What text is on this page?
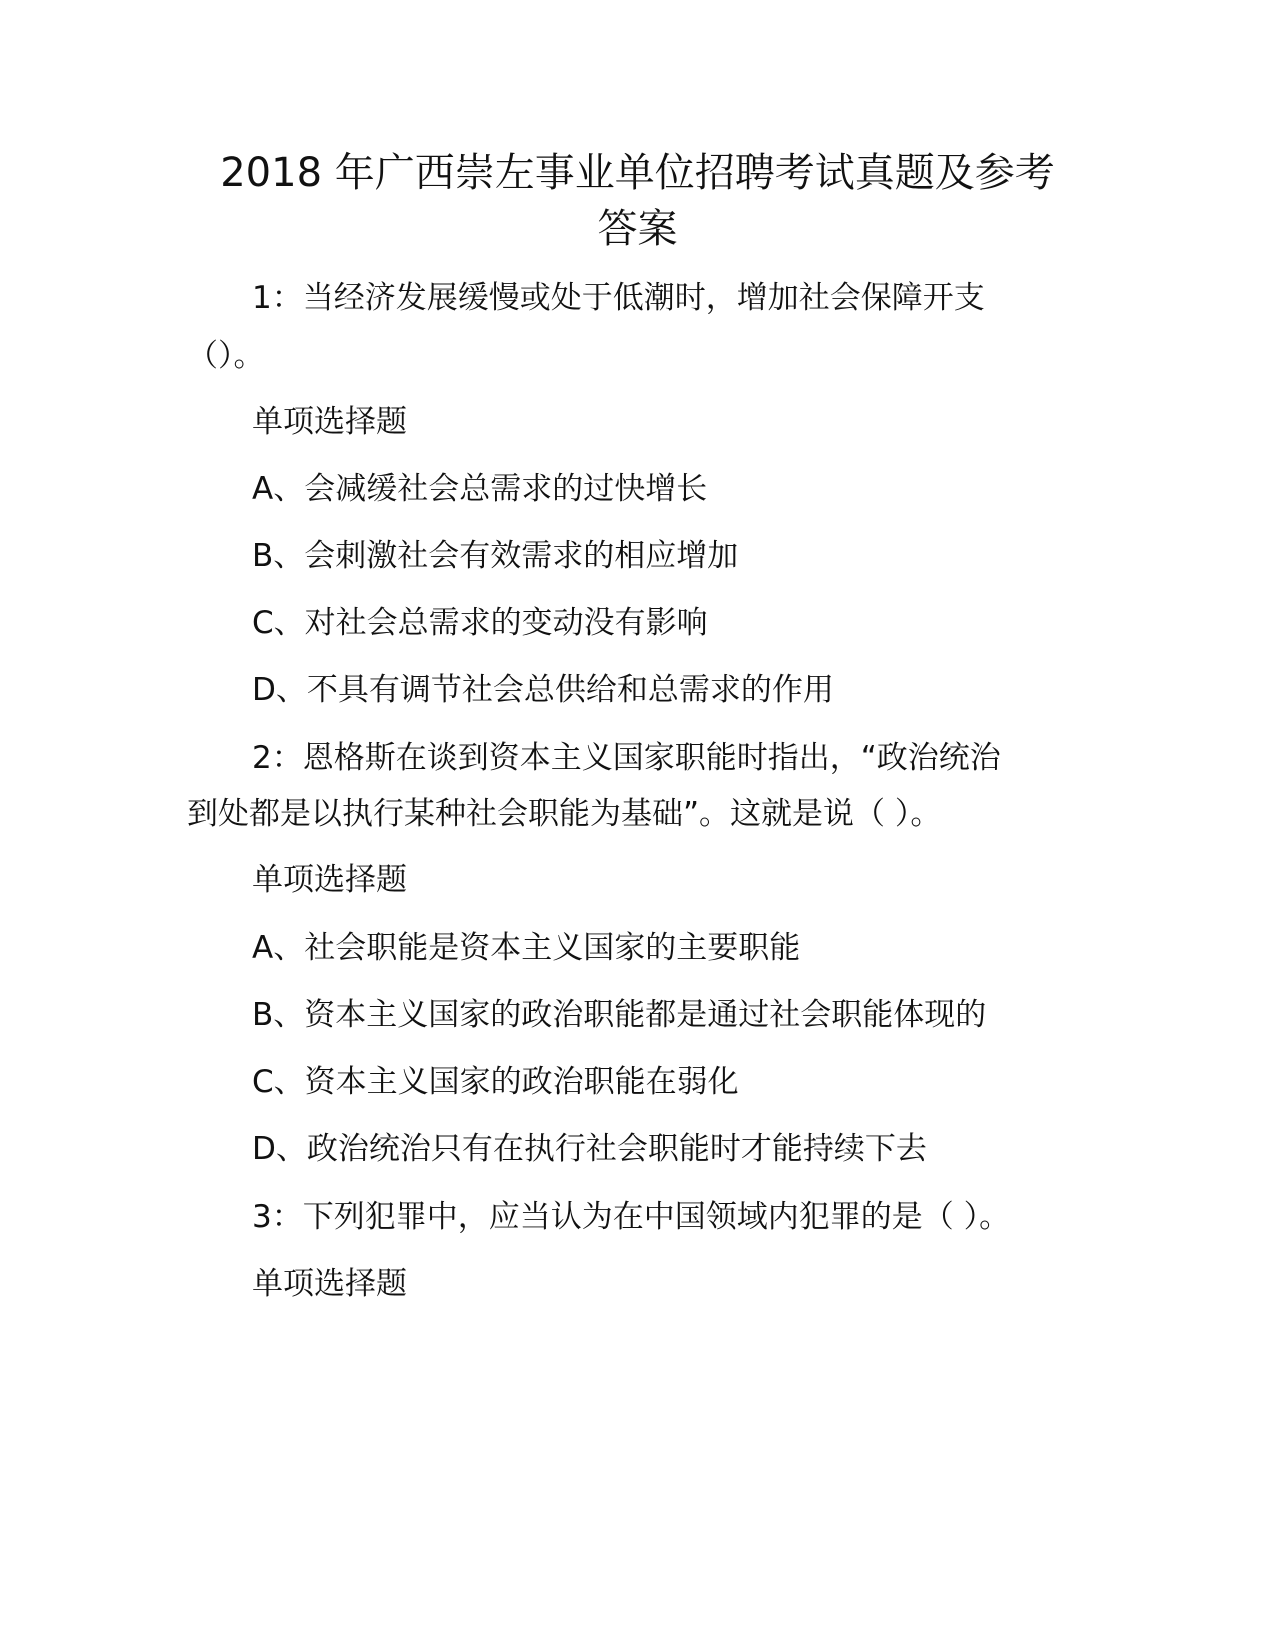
2018 年广西崇左事业单位招聘考试真题及参考
答案
1：当经济发展缓慢或处于低潮时，增加社会保障开支
（）。
单项选择题
A、会减缓社会总需求的过快增长
B、会刺激社会有效需求的相应增加
C、对社会总需求的变动没有影响
D、不具有调节社会总供给和总需求的作用
2：恩格斯在谈到资本主义国家职能时指出，“政治统治
到处都是以执行某种社会职能为基础”。这就是说（ ）。
单项选择题
A、社会职能是资本主义国家的主要职能
B、资本主义国家的政治职能都是通过社会职能体现的
C、资本主义国家的政治职能在弱化
D、政治统治只有在执行社会职能时才能持续下去
3：下列犯罪中，应当认为在中国领域内犯罪的是（ ）。
单项选择题
